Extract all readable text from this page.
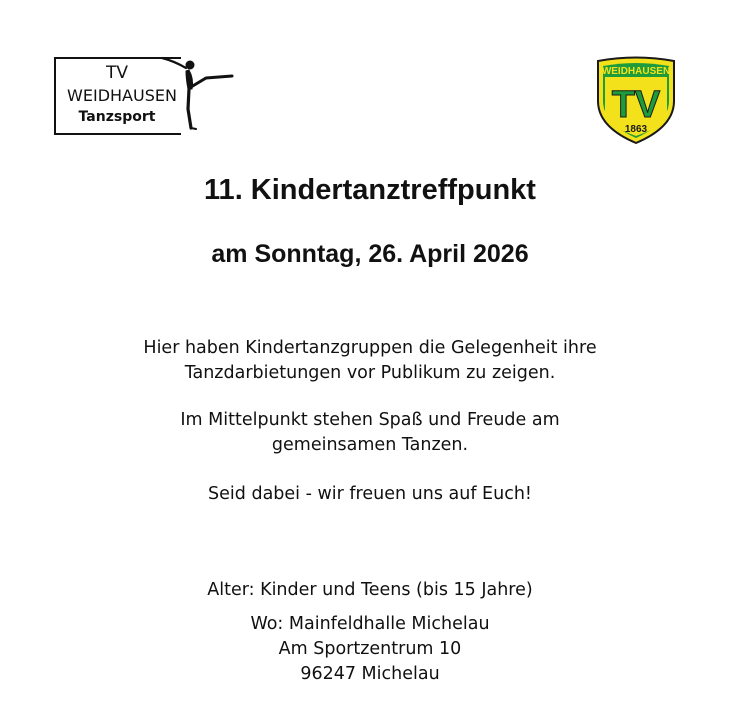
TV
WEIDHAUSEN
Tanzsport
WEIDHAUSEN
TV
1863
11. Kindertanztreffpunkt
am Sonntag, 26. April 2026

Hier haben Kindertanzgruppen die Gelegenheit ihre

Tanzdarbietungen vor Publikum zu zeigen.

Im Mittelpunkt stehen Spaß und Freude am

gemeinsamen Tanzen.

Seid dabei - wir freuen uns auf Euch!

Alter: Kinder und Teens (bis 15 Jahre)

Wo: Mainfeldhalle Michelau

Am Sportzentrum 10

96247 Michelau
